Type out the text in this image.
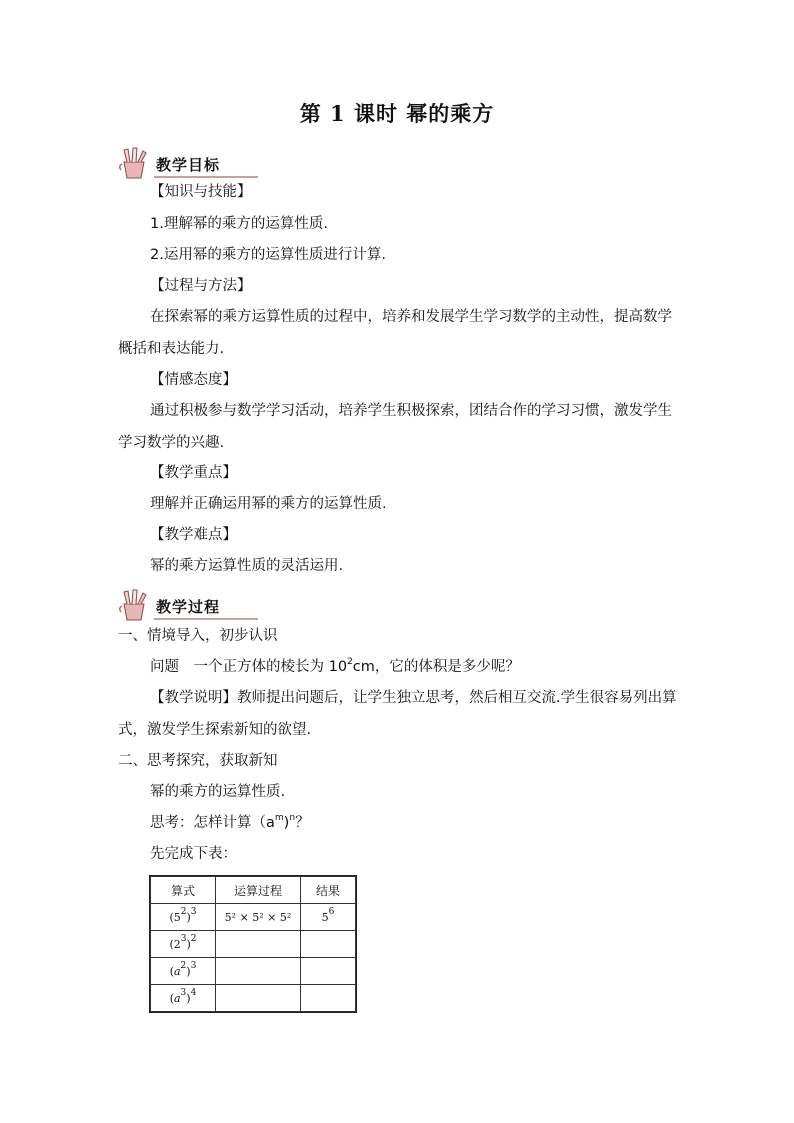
第 1 课时 幂的乘方
教学目标
【知识与技能】
1.理解幂的乘方的运算性质.
2.运用幂的乘方的运算性质进行计算.
【过程与方法】
在探索幂的乘方运算性质的过程中，培养和发展学生学习数学的主动性，提高数学概括和表达能力.
【情感态度】
通过积极参与数学学习活动，培养学生积极探索，团结合作的学习习惯，激发学生学习数学的兴趣.
【教学重点】
理解并正确运用幂的乘方的运算性质.
【教学难点】
幂的乘方运算性质的灵活运用.
教学过程
一、情境导入，初步认识
问题　一个正方体的棱长为 $10^2cm$，它的体积是多少呢？
【教学说明】教师提出问题后，让学生独立思考，然后相互交流.学生很容易列出算式，激发学生探索新知的欲望.
二、思考探究，获取新知
幂的乘方的运算性质.
思考：怎样计算$(a^m)^n$？
先完成下表：
算式	运算过程	结果
$(5^2)^3$	5² × 5² × 5²	$5^6$
$(2^3)^2$		
$(a^2)^3$		
$(a^3)^4$		
